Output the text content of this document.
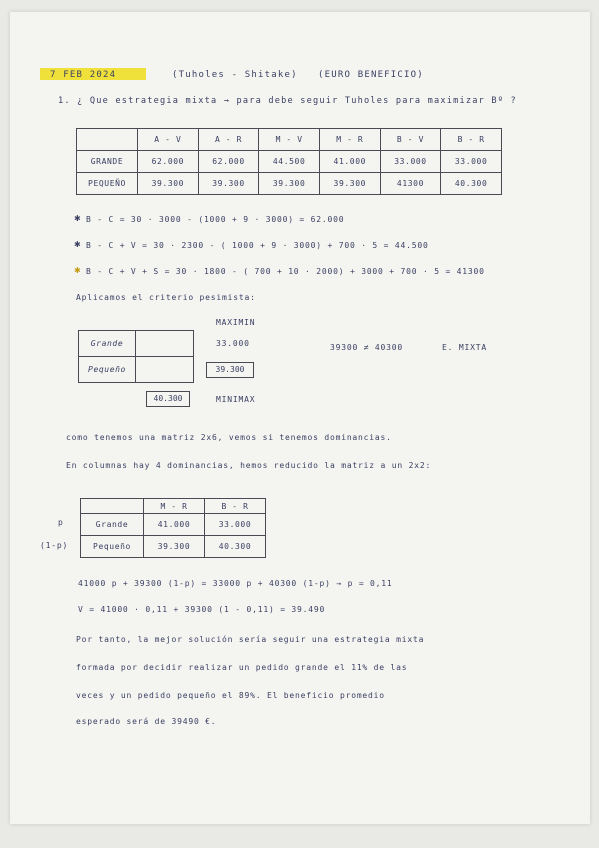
7 FEB 2024	(Tuholes - Shitake) (EURO BENEFICIO)
1. ¿ Que estrategia mixta → para debe seguir Tuholes para maximizar Bº ?
	A - V	A - R	M - V	M - R	B - V	B - R
GRANDE	62.000	62.000	44.500	41.000	33.000	33.000
PEQUEÑO	39.300	39.300	39.300	39.300	41300	40.300
✱ B - C = 30 · 3000 - (1000 + 9 · 3000) = 62.000
✱ B - C + V = 30 · 2300 - ( 1000 + 9 · 3000) + 700 · 5 = 44.500
✱ B - C + V + S = 30 · 1800 - ( 700 + 10 · 2000) + 3000 + 700 · 5 = 41300
Aplicamos el criterio pesimista:
MAXIMIN
Grande	
Pequeño	
33.000
39.300
39300 ≠ 40300	E. MIXTA
40.300	MINIMAX
como tenemos una matriz 2x6, vemos si tenemos dominancias.
En columnas hay 4 dominancias, hemos reducido la matriz a un 2x2:
p
(1-p)
	M - R	B - R
Grande	41.000	33.000
Pequeño	39.300	40.300
41000 p + 39300 (1-p) = 33000 p + 40300 (1-p) → p = 0,11
V = 41000 · 0,11 + 39300 (1 - 0,11) = 39.490
Por tanto, la mejor solución sería seguir una estrategia mixta
formada por decidir realizar un pedido grande el 11% de las
veces y un pedido pequeño el 89%. El beneficio promedio
esperado será de 39490 €.
